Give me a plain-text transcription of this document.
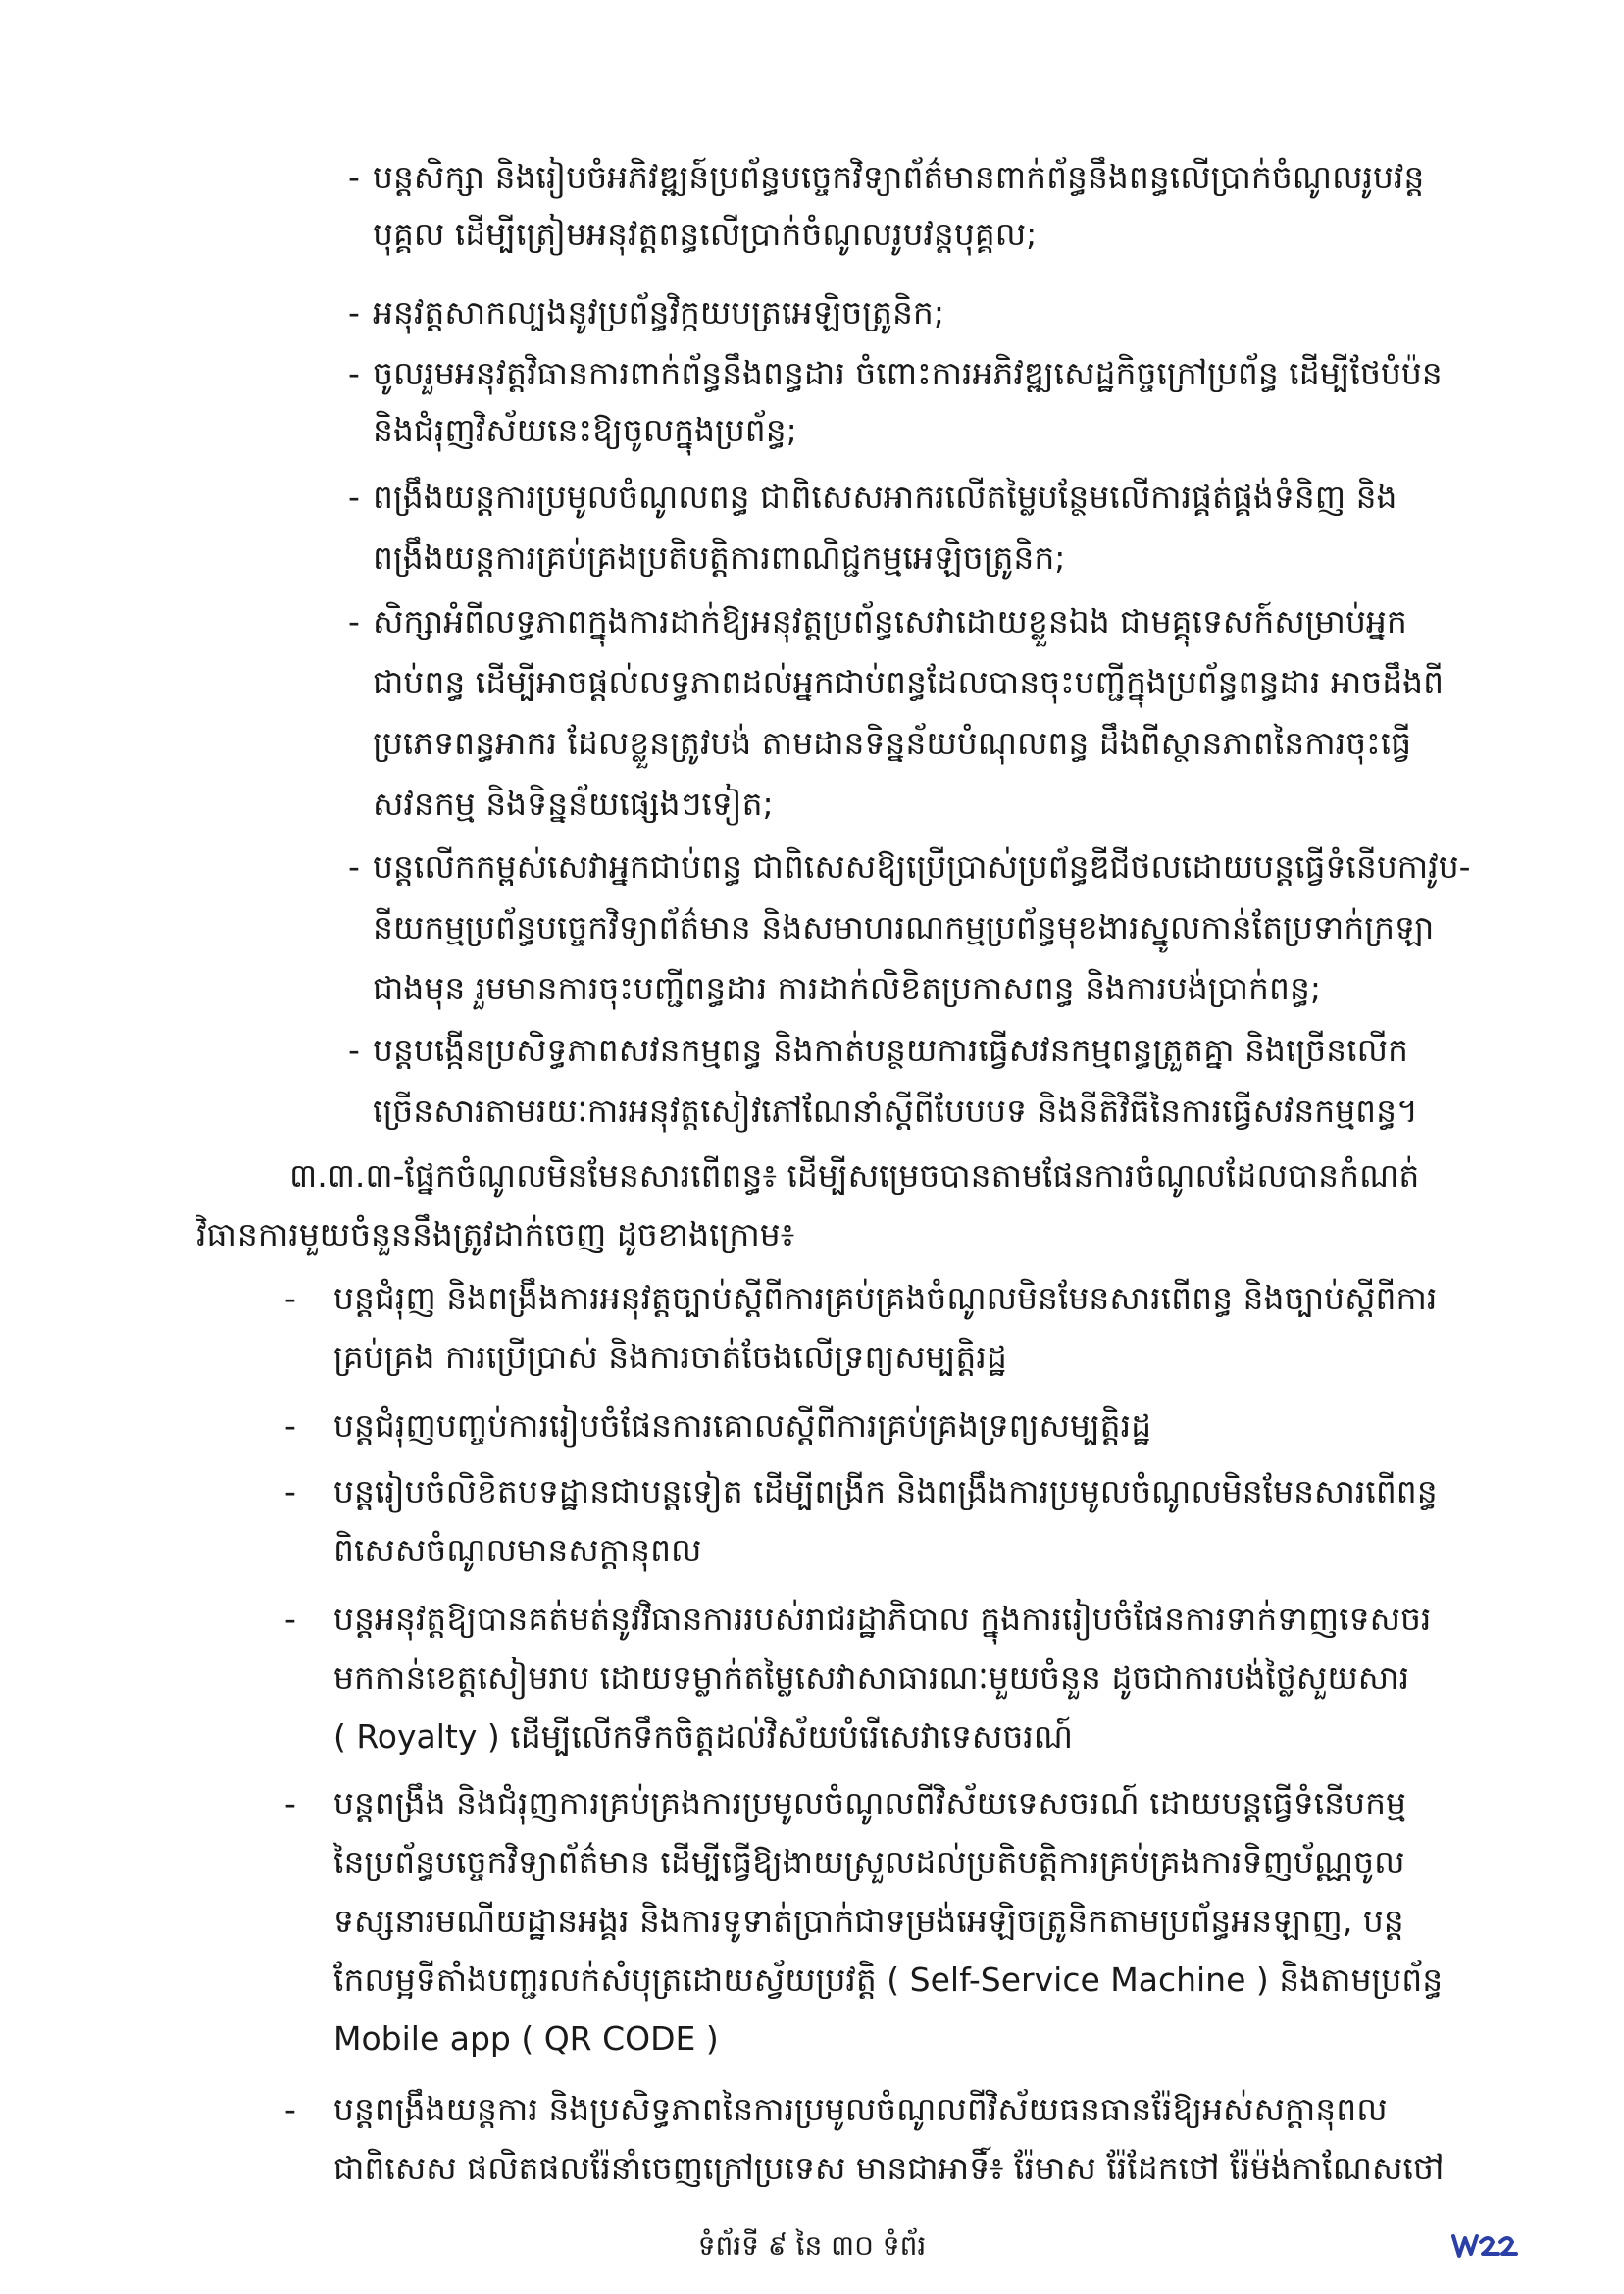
- បន្តសិក្សា និងរៀបចំអភិវឌ្ឍន៍ប្រព័ន្ធបច្ចេកវិទ្យាព័ត៌មានពាក់ព័ន្ធនឹងពន្ធលើប្រាក់ចំណូលរូបវន្ត
បុគ្គល ដើម្បីត្រៀមអនុវត្តពន្ធលើប្រាក់ចំណូលរូបវន្តបុគ្គល;
- អនុវត្តសាកល្បងនូវប្រព័ន្ធវិក្កយបត្រអេឡិចត្រូនិក;
- ចូលរួមអនុវត្តវិធានការពាក់ព័ន្ធនឹងពន្ធដារ ចំពោះការអភិវឌ្ឍសេដ្ឋកិច្ចក្រៅប្រព័ន្ធ ដើម្បីថែបំប៉ន
និងជំរុញវិស័យនេះឱ្យចូលក្នុងប្រព័ន្ធ;
- ពង្រឹងយន្តការប្រមូលចំណូលពន្ធ ជាពិសេសអាករលើតម្លៃបន្ថែមលើការផ្គត់ផ្គង់ទំនិញ និង
ពង្រឹងយន្តការគ្រប់គ្រងប្រតិបត្តិការពាណិជ្ជកម្មអេឡិចត្រូនិក;
- សិក្សាអំពីលទ្ធភាពក្នុងការដាក់ឱ្យអនុវត្តប្រព័ន្ធសេវាដោយខ្លួនឯង ជាមគ្គុទេសក៍សម្រាប់អ្នក
ជាប់ពន្ធ ដើម្បីអាចផ្តល់លទ្ធភាពដល់អ្នកជាប់ពន្ធដែលបានចុះបញ្ជីក្នុងប្រព័ន្ធពន្ធដារ អាចដឹងពី
ប្រភេទពន្ធអាករ ដែលខ្លួនត្រូវបង់ តាមដានទិន្នន័យបំណុលពន្ធ ដឹងពីស្ថានភាពនៃការចុះធ្វើ
សវនកម្ម និងទិន្នន័យផ្សេងៗទៀត;
- បន្តលើកកម្ពស់សេវាអ្នកជាប់ពន្ធ ជាពិសេសឱ្យប្រើប្រាស់ប្រព័ន្ធឌីជីថលដោយបន្តធ្វើទំនើបកាវូប-
នីយកម្មប្រព័ន្ធបច្ចេកវិទ្យាព័ត៌មាន និងសមាហរណកម្មប្រព័ន្ធមុខងារស្នូលកាន់តែប្រទាក់ក្រឡា
ជាងមុន រួមមានការចុះបញ្ជីពន្ធដារ ការដាក់លិខិតប្រកាសពន្ធ និងការបង់ប្រាក់ពន្ធ;
- បន្តបង្កើនប្រសិទ្ធភាពសវនកម្មពន្ធ និងកាត់បន្ថយការធ្វើសវនកម្មពន្ធត្រួតគ្នា និងច្រើនលើក
ច្រើនសារតាមរយៈការអនុវត្តសៀវភៅណែនាំស្តីពីបែបបទ និងនីតិវិធីនៃការធ្វើសវនកម្មពន្ធ។
៣.៣.៣-ផ្នែកចំណូលមិនមែនសារពើពន្ធ៖ ដើម្បីសម្រេចបានតាមផែនការចំណូលដែលបានកំណត់
វិធានការមួយចំនួននឹងត្រូវដាក់ចេញ ដូចខាងក្រោម៖
- បន្តជំរុញ និងពង្រឹងការអនុវត្តច្បាប់ស្តីពីការគ្រប់គ្រងចំណូលមិនមែនសារពើពន្ធ និងច្បាប់ស្តីពីការ
គ្រប់គ្រង ការប្រើប្រាស់ និងការចាត់ចែងលើទ្រព្យសម្បត្តិរដ្ឋ
- បន្តជំរុញបញ្ចប់ការរៀបចំផែនការគោលស្តីពីការគ្រប់គ្រងទ្រព្យសម្បត្តិរដ្ឋ
- បន្តរៀបចំលិខិតបទដ្ឋានជាបន្តទៀត ដើម្បីពង្រីក និងពង្រឹងការប្រមូលចំណូលមិនមែនសារពើពន្ធ
ពិសេសចំណូលមានសក្តានុពល
- បន្តអនុវត្តឱ្យបានគត់មត់នូវវិធានការរបស់រាជរដ្ឋាភិបាល ក្នុងការរៀបចំផែនការទាក់ទាញទេសចរ
មកកាន់ខេត្តសៀមរាប ដោយទម្លាក់តម្លៃសេវាសាធារណៈមួយចំនួន ដូចជាការបង់ថ្លៃសួយសារ
( Royalty ) ដើម្បីលើកទឹកចិត្តដល់វិស័យបំរើសេវាទេសចរណ៍
- បន្តពង្រឹង និងជំរុញការគ្រប់គ្រងការប្រមូលចំណូលពីវិស័យទេសចរណ៍ ដោយបន្តធ្វើទំនើបកម្ម
នៃប្រព័ន្ធបច្ចេកវិទ្យាព័ត៌មាន ដើម្បីធ្វើឱ្យងាយស្រួលដល់ប្រតិបត្តិការគ្រប់គ្រងការទិញប័ណ្ណចូល
ទស្សនារមណីយដ្ឋានអង្គរ និងការទូទាត់ប្រាក់ជាទម្រង់អេឡិចត្រូនិកតាមប្រព័ន្ធអនឡាញ, បន្ត
កែលម្អទីតាំងបញ្ជរលក់សំបុត្រដោយស្វ័យប្រវត្តិ ( Self-Service Machine ) និងតាមប្រព័ន្ធ
Mobile app ( QR CODE )
- បន្តពង្រឹងយន្តការ និងប្រសិទ្ធភាពនៃការប្រមូលចំណូលពីវិស័យធនធានរ៉ែឱ្យអស់សក្តានុពល
ជាពិសេស ផលិតផលរ៉ែនាំចេញក្រៅប្រទេស មានជាអាទិ៍៖ រ៉ែមាស រ៉ែដែកថៅ រ៉ែម៉ង់កាណែសថៅ
ទំព័រទី ៩ នៃ ៣០ ទំព័រ
